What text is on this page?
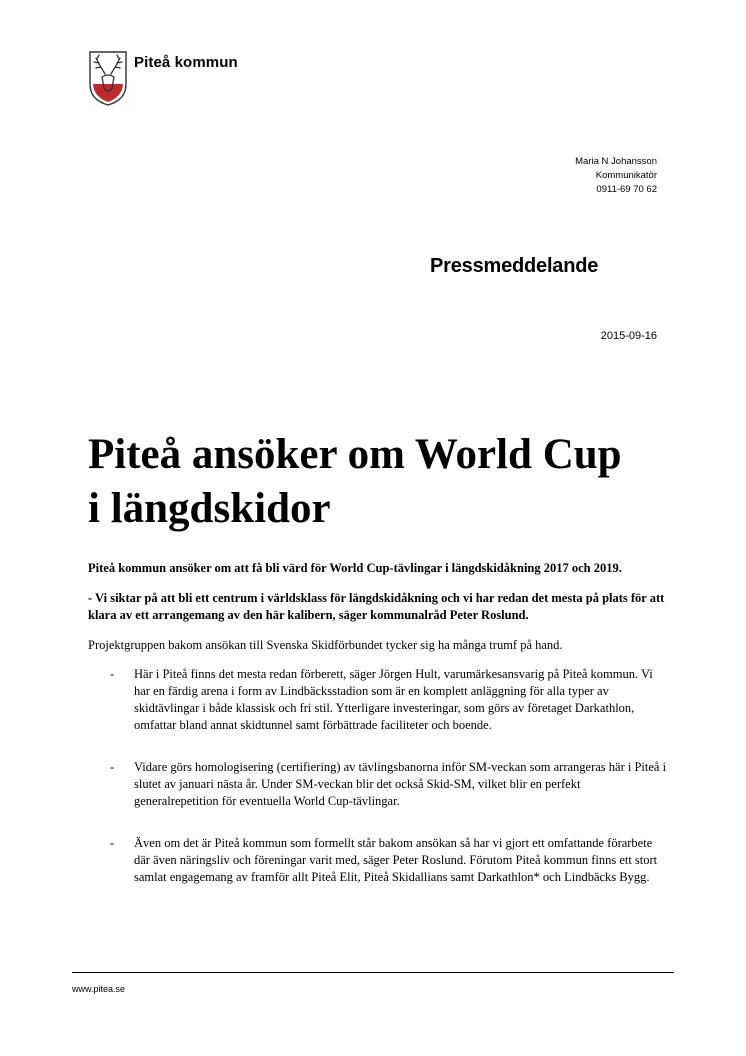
Piteå kommun
Maria N Johansson
Kommunikatör
0911-69 70 62
Pressmeddelande
2015-09-16
Piteå ansöker om World Cup
i längdskidor

Piteå kommun ansöker om att få bli värd för World Cup-tävlingar i längdskidåkning 2017 och 2019.

- Vi siktar på att bli ett centrum i världsklass för längdskidåkning och vi har redan det mesta på plats för att klara av ett arrangemang av den här kalibern, säger kommunalråd Peter Roslund.

Projektgruppen bakom ansökan till Svenska Skidförbundet tycker sig ha många trumf på hand.

- Här i Piteå finns det mesta redan förberett, säger Jörgen Hult, varumärkesansvarig på Piteå kommun. Vi har en färdig arena i form av Lindbäcksstadion som är en komplett anläggning för alla typer av skidtävlingar i både klassisk och fri stil. Ytterligare investeringar, som görs av företaget Darkathlon, omfattar bland annat skidtunnel samt förbättrade faciliteter och boende.
- Vidare görs homologisering (certifiering) av tävlingsbanorna inför SM-veckan som arrangeras här i Piteå i slutet av januari nästa år. Under SM-veckan blir det också Skid-SM, vilket blir en perfekt generalrepetition för eventuella World Cup-tävlingar.
- Även om det är Piteå kommun som formellt står bakom ansökan så har vi gjort ett omfattande förarbete där även näringsliv och föreningar varit med, säger Peter Roslund. Förutom Piteå kommun finns ett stort samlat engagemang av framför allt Piteå Elit, Piteå Skidallians samt Darkathlon* och Lindbäcks Bygg.
www.pitea.se
